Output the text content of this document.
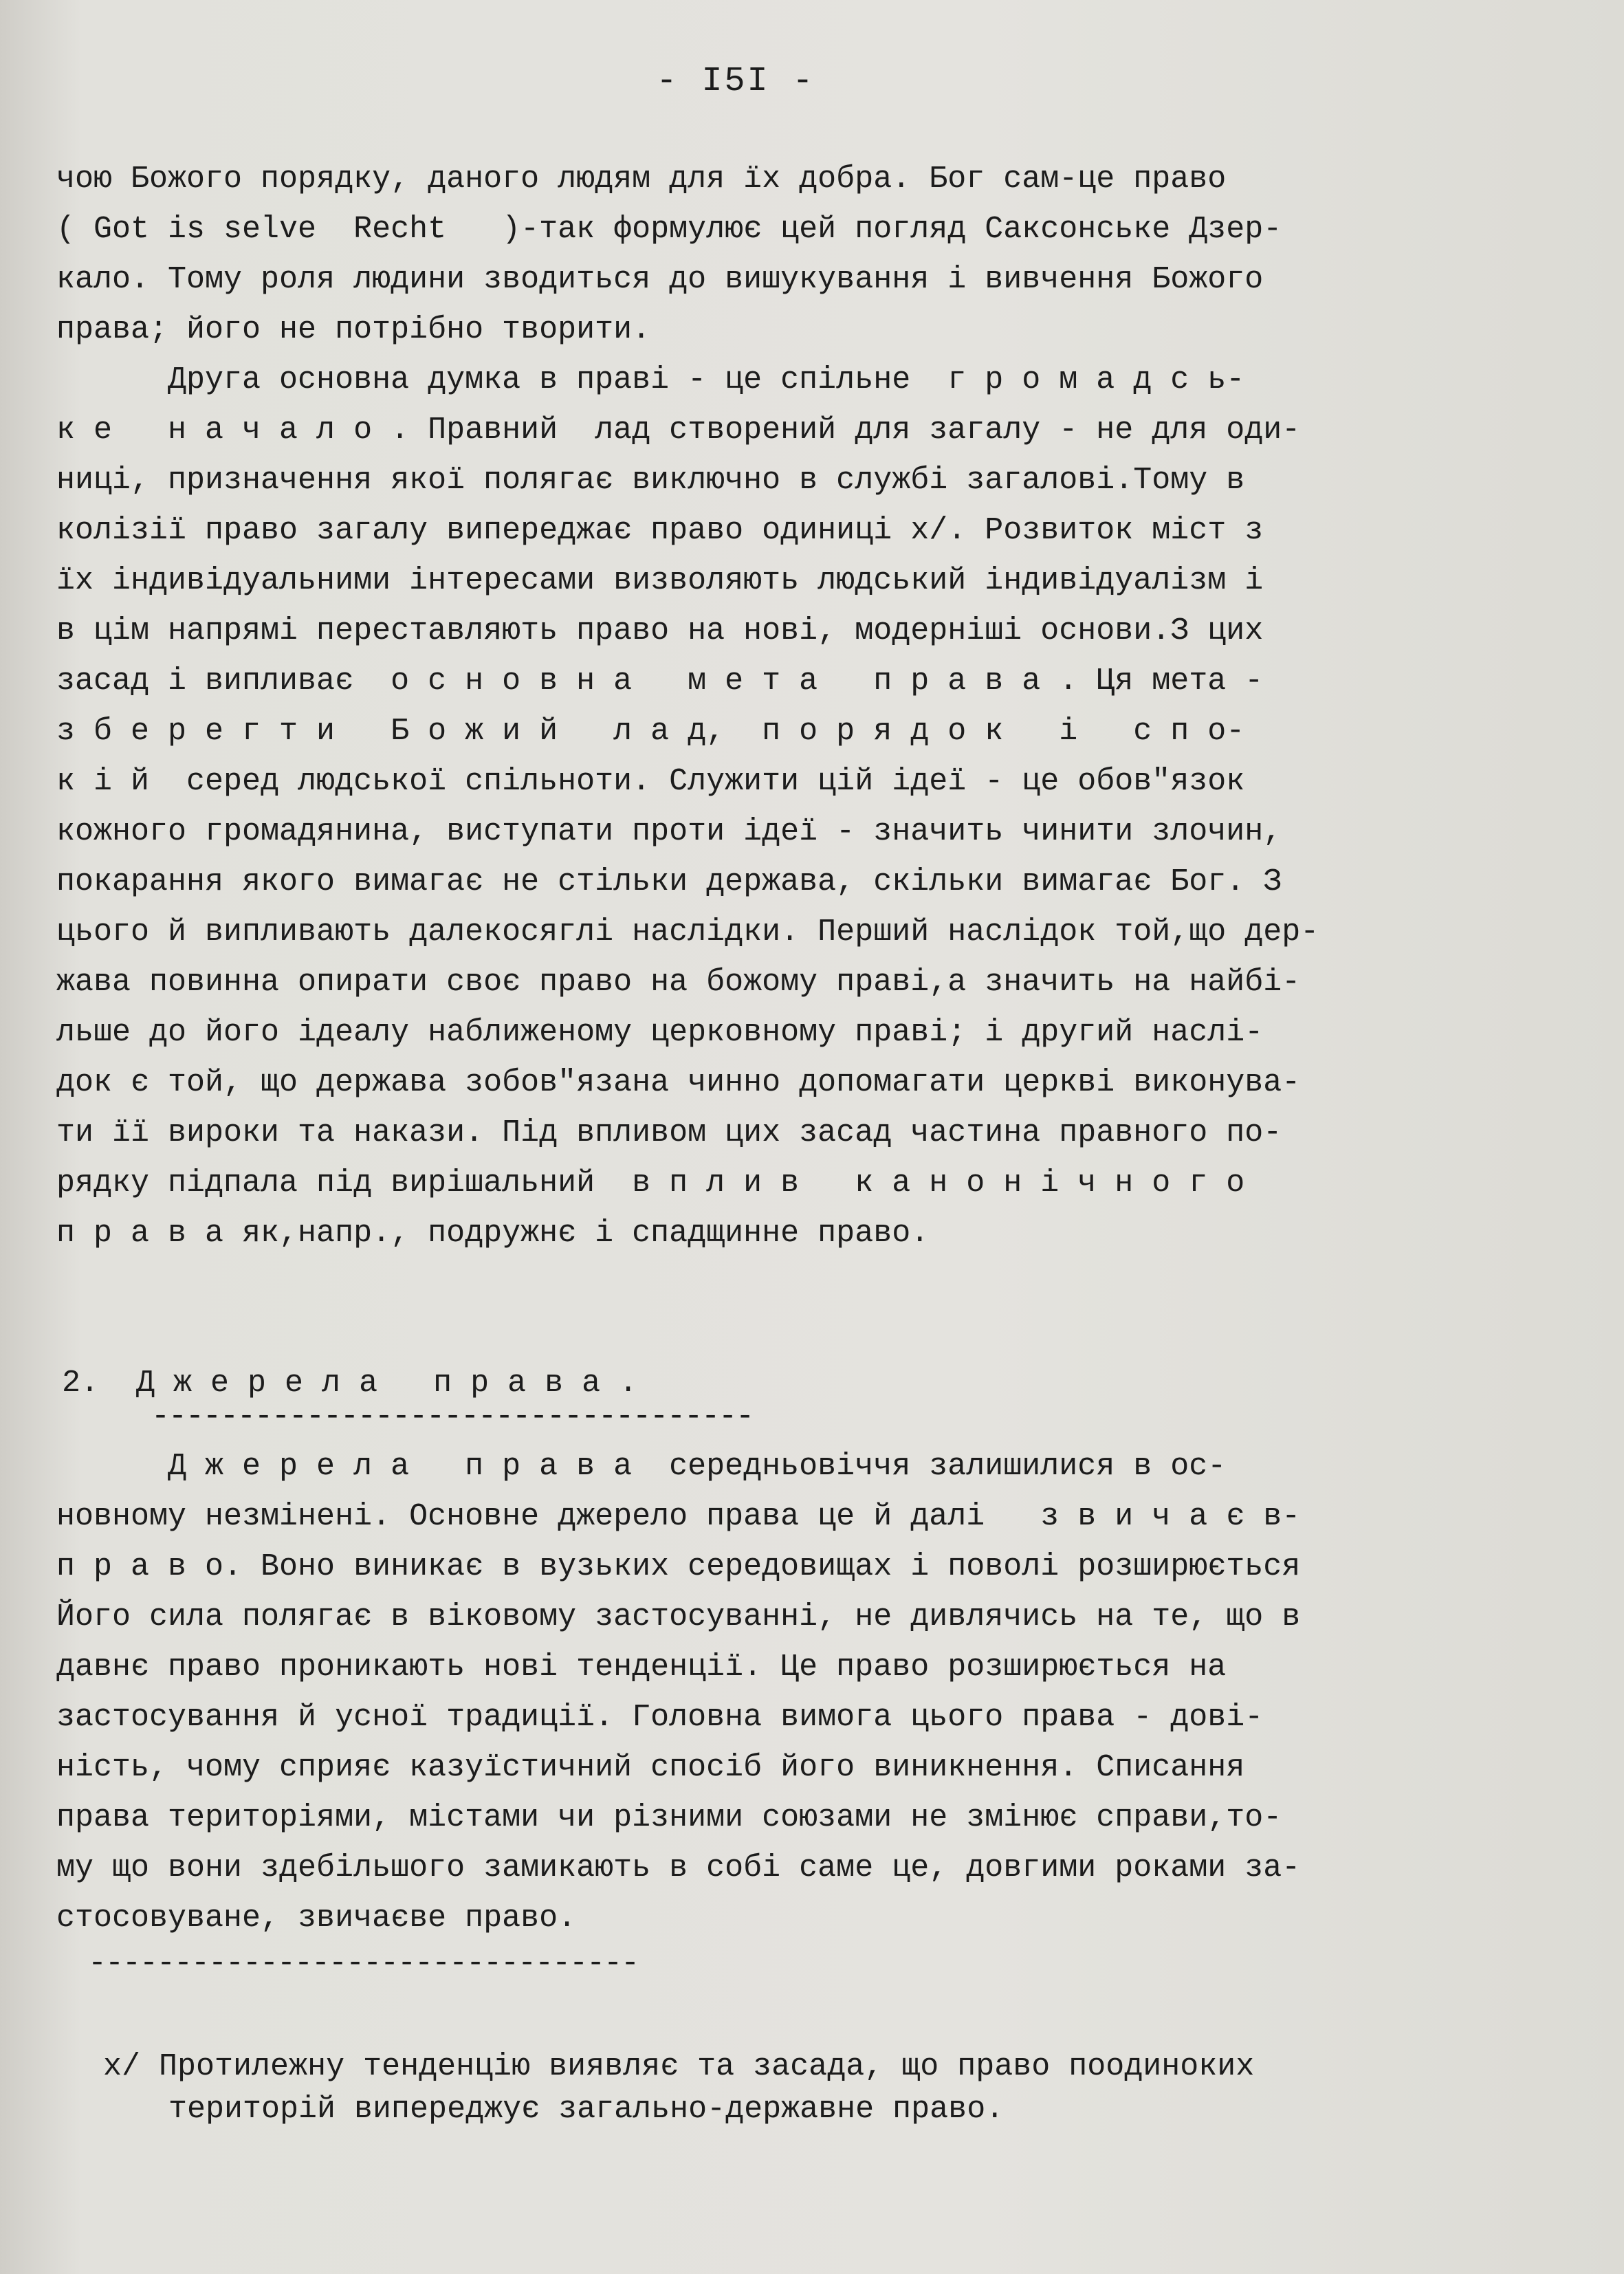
- I5I -
чою Божого порядку, даного людям для їх добра. Бог сам-це право
( Got is selve  Recht   )-так формулює цей погляд Саксонське Дзер-
кало. Тому роля людини зводиться до вишукування і вивчення Божого
права; його не потрібно творити.
Друга основна думка в праві - це спільне  г р о м а д с ь-
к е   н а ч а л о . Правний  лад створений для загалу - не для оди-
ниці, призначення якої полягає виключно в службі загалові.Тому в
колізії право загалу випереджає право одиниці x/. Розвиток міст з
їх індивідуальними інтересами визволяють людський індивідуалізм і
в цім напрямі переставляють право на нові, модерніші основи.З цих
засад і випливає  о с н о в н а   м е т а   п р а в а . Ця мета -
з б е р е г т и   Б о ж и й   л а д,  п о р я д о к   і   с п о-
к і й  серед людської спільноти. Служити цій ідеї - це обов"язок
кожного громадянина, виступати проти ідеї - значить чинити злочин,
покарання якого вимагає не стільки держава, скільки вимагає Бог. З
цього й випливають далекосяглі наслідки. Перший наслідок той,що дер-
жава повинна опирати своє право на божому праві,а значить на найбі-
льше до його ідеалу наближеному церковному праві; і другий наслі-
док є той, що держава зобов"язана чинно допомагати церкві виконува-
ти її вироки та накази. Під впливом цих засад частина правного по-
рядку підпала під вирішальний  в п л и в   к а н о н і ч н о г о
п р а в а як,напр., подружнє і спадщинне право.
2.  Д ж е р е л а   п р а в а .
-----------------------------------
Д ж е р е л а   п р а в а  середньовіччя залишилися в ос-
новному незмінені. Основне джерело права це й далі   з в и ч а є в-
п р а в о. Воно виникає в вузьких середовищах і поволі розширюється
Його сила полягає в віковому застосуванні, не дивлячись на те, що в
давнє право проникають нові тенденції. Це право розширюється на
застосування й усної традиції. Головна вимога цього права - дові-
ність, чому сприяє казуїстичний спосіб його виникнення. Списання
права територіями, містами чи різними союзами не змінює справи,то-
му що вони здебільшого замикають в собі саме це, довгими роками за-
стосовуване, звичаєве право.
--------------------------------
x/ Протилежну тенденцію виявляє та засада, що право поодиноких
територій випереджує загально-державне право.
